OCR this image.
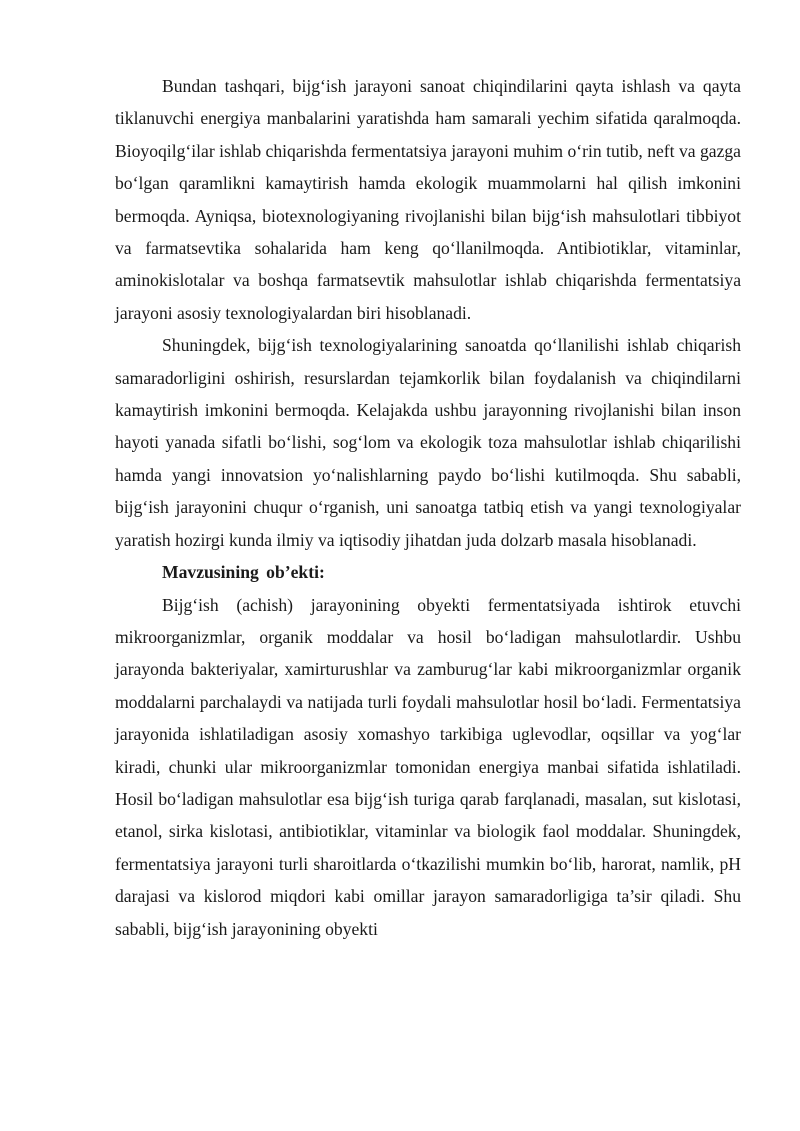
Bundan tashqari, bijg‘ish jarayoni sanoat chiqindilarini qayta ishlash va qayta tiklanuvchi energiya manbalarini yaratishda ham samarali yechim sifatida qaralmoqda. Bioyoqilg‘ilar ishlab chiqarishda fermentatsiya jarayoni muhim o‘rin tutib, neft va gazga bo‘lgan qaramlikni kamaytirish hamda ekologik muammolarni hal qilish imkonini bermoqda. Ayniqsa, biotexnologiyaning rivojlanishi bilan bijg‘ish mahsulotlari tibbiyot va farmatsevtika sohalarida ham keng qo‘llanilmoqda. Antibiotiklar, vitaminlar, aminokislotalar va boshqa farmatsevtik mahsulotlar ishlab chiqarishda fermentatsiya jarayoni asosiy texnologiyalardan biri hisoblanadi.

Shuningdek, bijg‘ish texnologiyalarining sanoatda qo‘llanilishi ishlab chiqarish samaradorligini oshirish, resurslardan tejamkorlik bilan foydalanish va chiqindilarni kamaytirish imkonini bermoqda. Kelajakda ushbu jarayonning rivojlanishi bilan inson hayoti yanada sifatli bo‘lishi, sog‘lom va ekologik toza mahsulotlar ishlab chiqarilishi hamda yangi innovatsion yo‘nalishlarning paydo bo‘lishi kutilmoqda. Shu sababli, bijg‘ish jarayonini chuqur o‘rganish, uni sanoatga tatbiq etish va yangi texnologiyalar yaratish hozirgi kunda ilmiy va iqtisodiy jihatdan juda dolzarb masala hisoblanadi.

Mavzusining ob’ekti:

Bijg‘ish (achish) jarayonining obyekti fermentatsiyada ishtirok etuvchi mikroorganizmlar, organik moddalar va hosil bo‘ladigan mahsulotlardir. Ushbu jarayonda bakteriyalar, xamirturushlar va zamburug‘lar kabi mikroorganizmlar organik moddalarni parchalaydi va natijada turli foydali mahsulotlar hosil bo‘ladi. Fermentatsiya jarayonida ishlatiladigan asosiy xomashyo tarkibiga uglevodlar, oqsillar va yog‘lar kiradi, chunki ular mikroorganizmlar tomonidan energiya manbai sifatida ishlatiladi. Hosil bo‘ladigan mahsulotlar esa bijg‘ish turiga qarab farqlanadi, masalan, sut kislotasi, etanol, sirka kislotasi, antibiotiklar, vitaminlar va biologik faol moddalar. Shuningdek, fermentatsiya jarayoni turli sharoitlarda o‘tkazilishi mumkin bo‘lib, harorat, namlik, pH darajasi va kislorod miqdori kabi omillar jarayon samaradorligiga ta’sir qiladi. Shu sababli, bijg‘ish jarayonining obyekti
